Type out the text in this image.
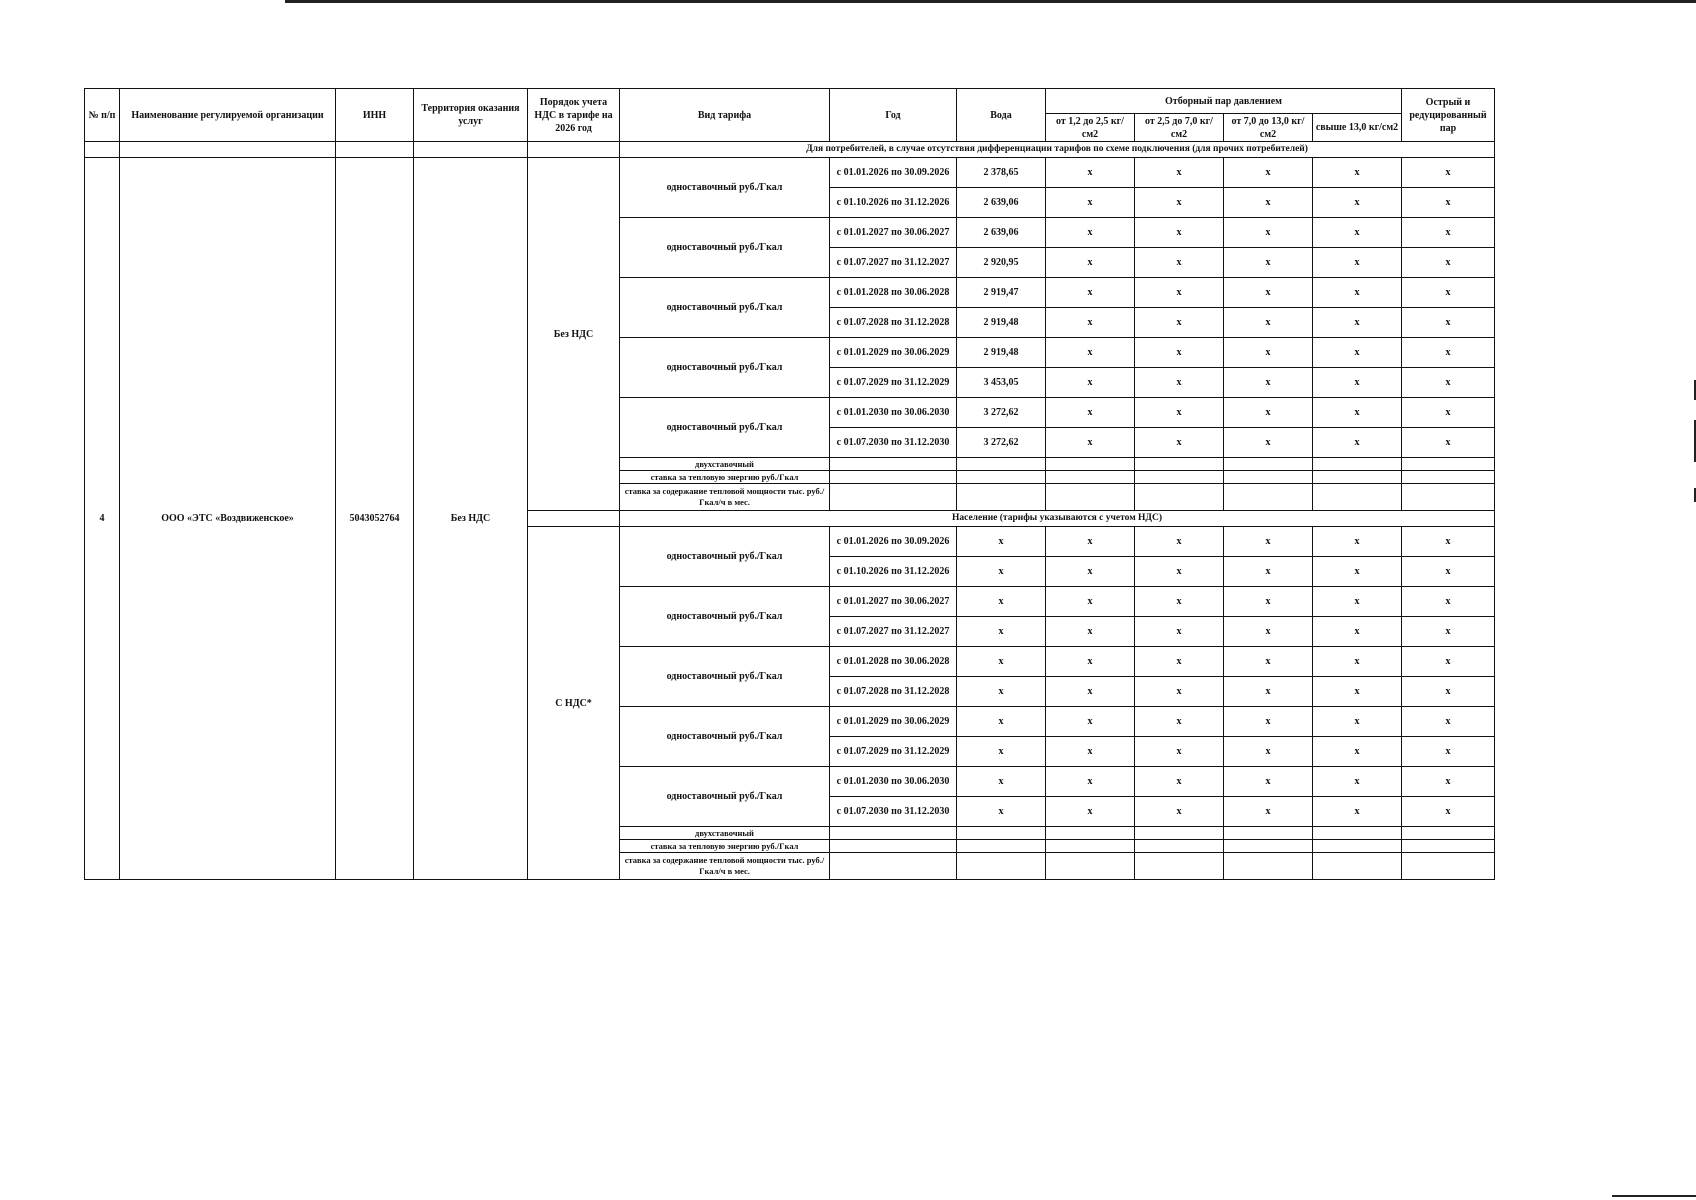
№ п/п	Наименование регулируемой организации	ИНН	Территория оказания услуг	Порядок учета НДС в тарифе на 2026 год	Вид тарифа	Год	Вода	Отборный пар давлением				Острый и редуцированный пар
								от 1,2 до 2,5 кг/см2	от 2,5 до 7,0 кг/см2	от 7,0 до 13,0 кг/см2	свыше 13,0 кг/см2	
					Для потребителей, в случае отсутствия дифференциации тарифов по схеме подключения (для прочих потребителей)							
4	ООО «ЭТС «Воздвиженское»	5043052764	Без НДС	Без НДС	одноставочный руб./Гкал	с 01.01.2026 по 30.09.2026	2 378,65	x	x	x	x	x
						с 01.10.2026 по 31.12.2026	2 639,06	x	x	x	x	x
					одноставочный руб./Гкал	с 01.01.2027 по 30.06.2027	2 639,06	x	x	x	x	x
						с 01.07.2027 по 31.12.2027	2 920,95	x	x	x	x	x
					одноставочный руб./Гкал	с 01.01.2028 по 30.06.2028	2 919,47	x	x	x	x	x
						с 01.07.2028 по 31.12.2028	2 919,48	x	x	x	x	x
					одноставочный руб./Гкал	с 01.01.2029 по 30.06.2029	2 919,48	x	x	x	x	x
						с 01.07.2029 по 31.12.2029	3 453,05	x	x	x	x	x
					одноставочный руб./Гкал	с 01.01.2030 по 30.06.2030	3 272,62	x	x	x	x	x
						с 01.07.2030 по 31.12.2030	3 272,62	x	x	x	x	x
					двухставочный							
					ставка за тепловую энергию руб./Гкал							
					ставка за содержание тепловой мощности тыс. руб./Гкал/ч в мес.							
					Население (тарифы указываются с учетом НДС)							
				С НДС*	одноставочный руб./Гкал	с 01.01.2026 по 30.09.2026	x	x	x	x	x	x
						с 01.10.2026 по 31.12.2026	x	x	x	x	x	x
					одноставочный руб./Гкал	с 01.01.2027 по 30.06.2027	x	x	x	x	x	x
						с 01.07.2027 по 31.12.2027	x	x	x	x	x	x
					одноставочный руб./Гкал	с 01.01.2028 по 30.06.2028	x	x	x	x	x	x
						с 01.07.2028 по 31.12.2028	x	x	x	x	x	x
					одноставочный руб./Гкал	с 01.01.2029 по 30.06.2029	x	x	x	x	x	x
						с 01.07.2029 по 31.12.2029	x	x	x	x	x	x
					одноставочный руб./Гкал	с 01.01.2030 по 30.06.2030	x	x	x	x	x	x
						с 01.07.2030 по 31.12.2030	x	x	x	x	x	x
					двухставочный							
					ставка за тепловую энергию руб./Гкал							
					ставка за содержание тепловой мощности тыс. руб./Гкал/ч в мес.							
